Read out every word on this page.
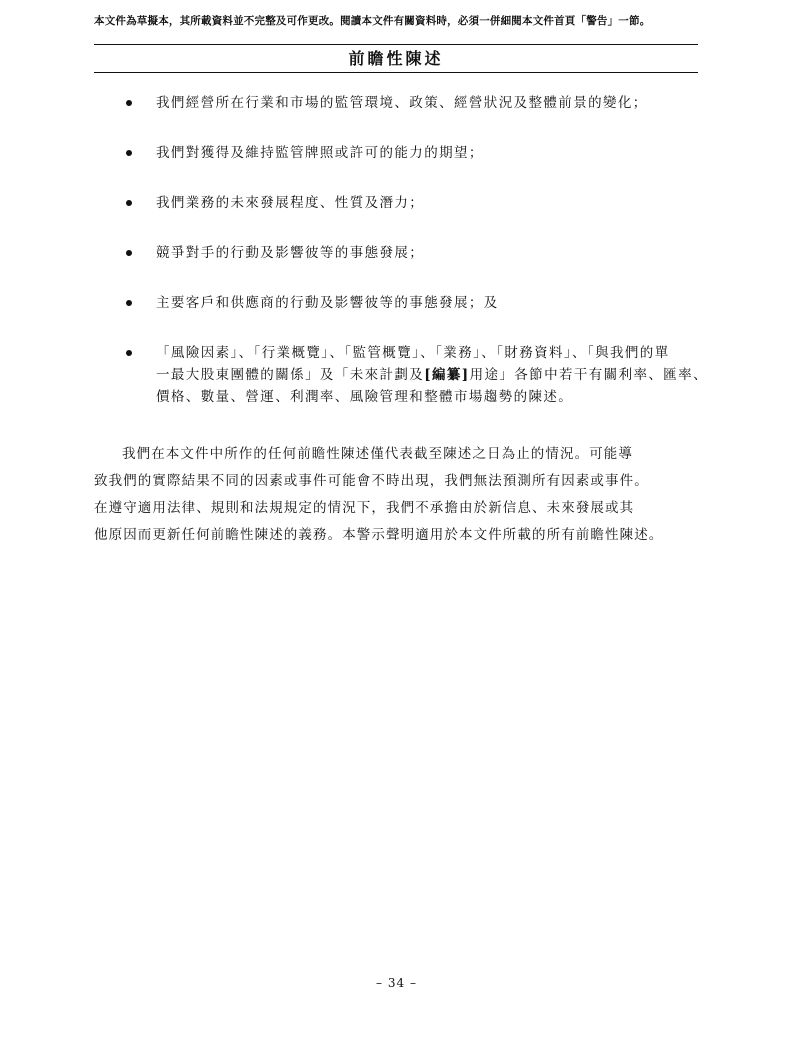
本文件為草擬本，其所載資料並不完整及可作更改。閱讀本文件有關資料時，必須一併細閱本文件首頁「警告」一節。
前瞻性陳述
我們經營所在行業和市場的監管環境、政策、經營狀況及整體前景的變化；
我們對獲得及維持監管牌照或許可的能力的期望；
我們業務的未來發展程度、性質及潛力；
競爭對手的行動及影響彼等的事態發展；
主要客戶和供應商的行動及影響彼等的事態發展；及
「風險因素」、「行業概覽」、「監管概覽」、「業務」、「財務資料」、「與我們的單
一最大股東團體的關係」及「未來計劃及[編纂]用途」各節中若干有關利率、匯率、
價格、數量、營運、利潤率、風險管理和整體市場趨勢的陳述。

我們在本文件中所作的任何前瞻性陳述僅代表截至陳述之日為止的情況。可能導
致我們的實際結果不同的因素或事件可能會不時出現，我們無法預測所有因素或事件。
在遵守適用法律、規則和法規規定的情況下，我們不承擔由於新信息、未來發展或其
他原因而更新任何前瞻性陳述的義務。本警示聲明適用於本文件所載的所有前瞻性陳述。

– 34 –
